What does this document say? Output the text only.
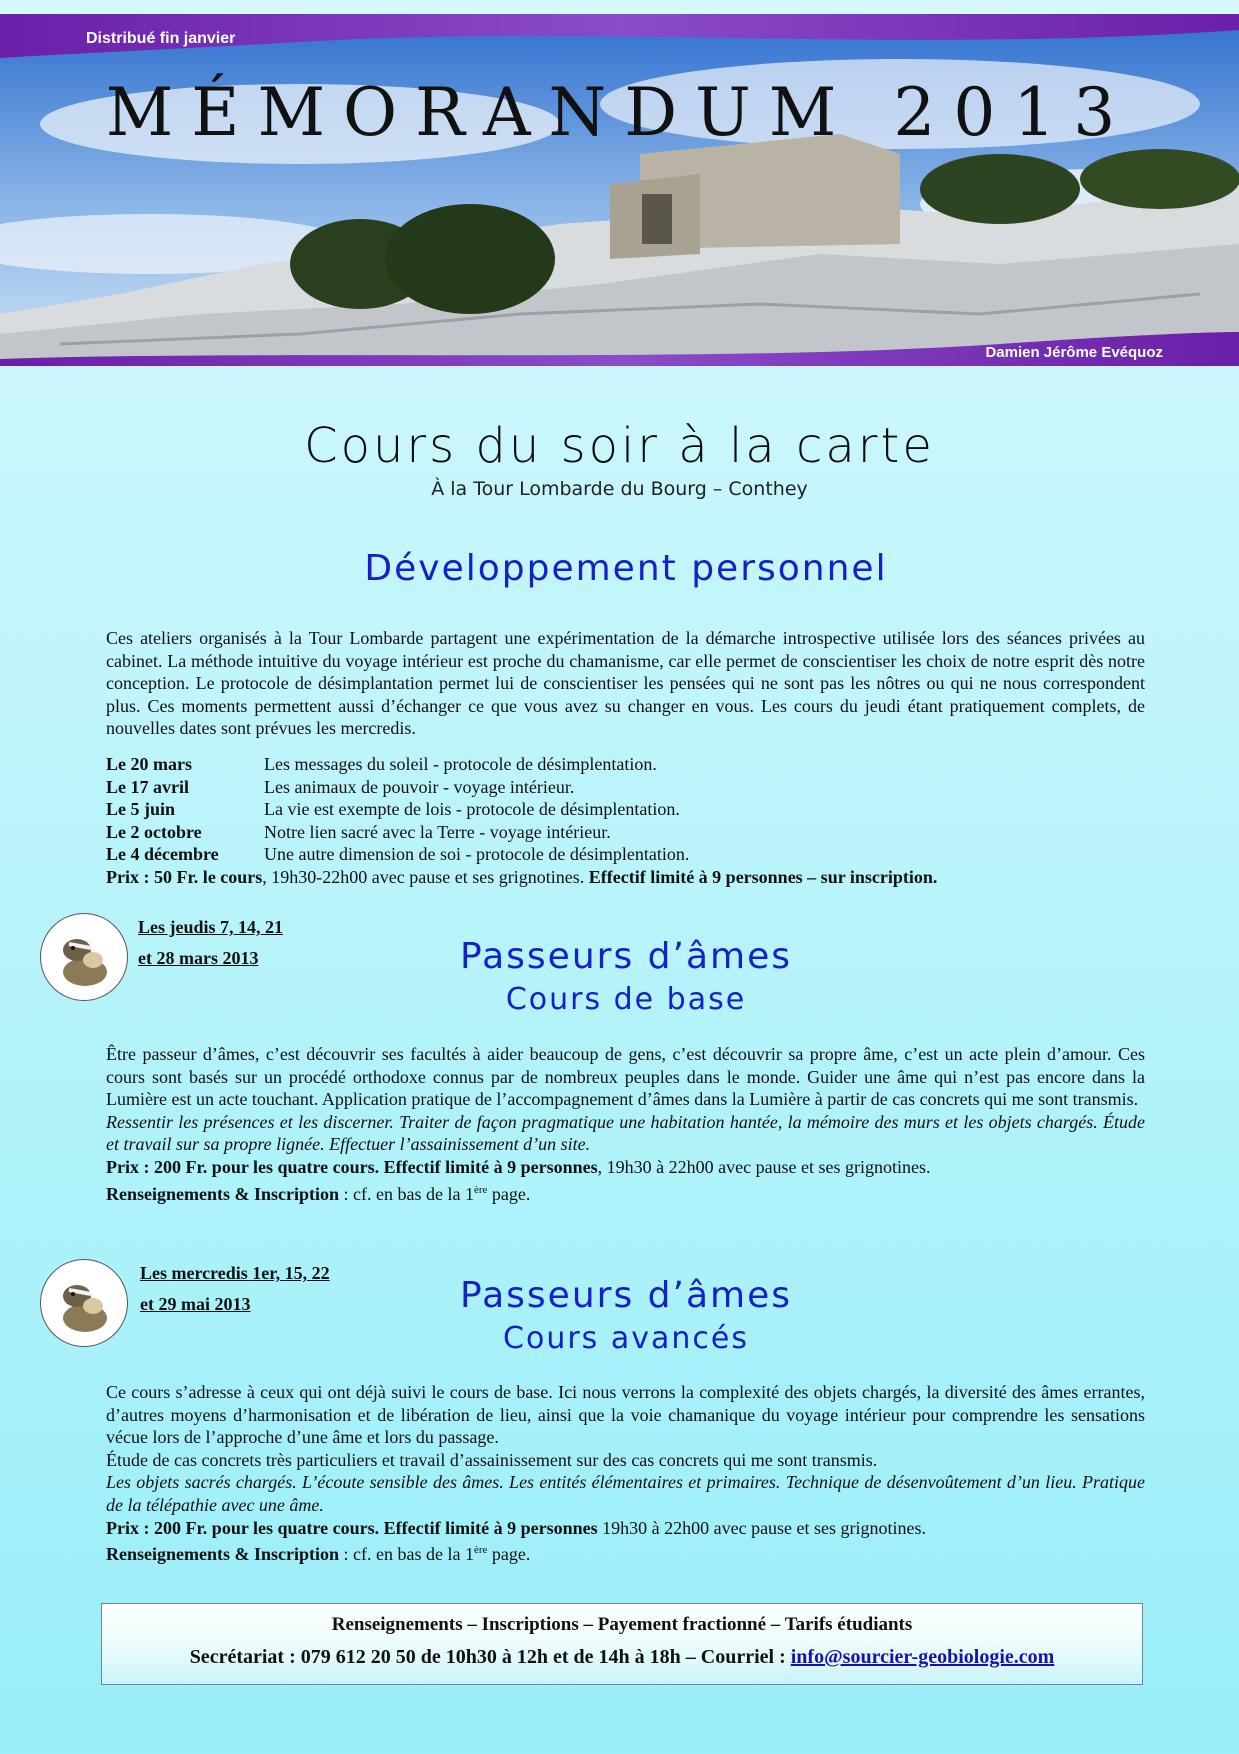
Distribué fin janvier
MÉMORANDUM 2013
Damien Jérôme Evéquoz
Cours du soir à la carte
À la Tour Lombarde du Bourg – Conthey
Développement personnel

Ces ateliers organisés à la Tour Lombarde partagent une expérimentation de la démarche introspective utilisée lors des séances privées au cabinet. La méthode intuitive du voyage intérieur est proche du chamanisme, car elle permet de conscientiser les choix de notre esprit dès notre conception. Le protocole de désimplantation permet lui de conscientiser les pensées qui ne sont pas les nôtres ou qui ne nous correspondent plus. Ces moments permettent aussi d’échanger ce que vous avez su changer en vous. Les cours du jeudi étant pratiquement complets, de nouvelles dates sont prévues les mercredis.

Le 20 mars	Les messages du soleil - protocole de désimplentation.
Le 17 avril	Les animaux de pouvoir - voyage intérieur.
Le 5 juin	La vie est exempte de lois - protocole de désimplentation.
Le 2 octobre	Notre lien sacré avec la Terre - voyage intérieur.
Le 4 décembre	Une autre dimension de soi - protocole de désimplentation.
Prix : 50 Fr. le cours, 19h30-22h00 avec pause et ses grignotines. Effectif limité à 9 personnes – sur inscription.
Les jeudis 7, 14, 21
et 28 mars 2013	Passeurs d’âmes
Cours de base

Être passeur d’âmes, c’est découvrir ses facultés à aider beaucoup de gens, c’est découvrir sa propre âme, c’est un acte plein d’amour. Ces cours sont basés sur un procédé orthodoxe connus par de nombreux peuples dans le monde. Guider une âme qui n’est pas encore dans la Lumière est un acte touchant. Application pratique de l’accompagnement d’âmes dans la Lumière à partir de cas concrets qui me sont transmis.

Ressentir les présences et les discerner. Traiter de façon pragmatique une habitation hantée, la mémoire des murs et les objets chargés. Étude et travail sur sa propre lignée. Effectuer l’assainissement d’un site.

Prix : 200 Fr. pour les quatre cours. Effectif limité à 9 personnes, 19h30 à 22h00 avec pause et ses grignotines.

Renseignements & Inscription : cf. en bas de la 1ère page.

Les mercredis 1er, 15, 22
et 29 mai 2013	Passeurs d’âmes
Cours avancés

Ce cours s’adresse à ceux qui ont déjà suivi le cours de base. Ici nous verrons la complexité des objets chargés, la diversité des âmes errantes, d’autres moyens d’harmonisation et de libération de lieu, ainsi que la voie chamanique du voyage intérieur pour comprendre les sensations vécue lors de l’approche d’une âme et lors du passage.

Étude de cas concrets très particuliers et travail d’assainissement sur des cas concrets qui me sont transmis.

Les objets sacrés chargés. L’écoute sensible des âmes. Les entités élémentaires et primaires. Technique de désenvoûtement d’un lieu. Pratique de la télépathie avec une âme.

Prix : 200 Fr. pour les quatre cours. Effectif limité à 9 personnes 19h30 à 22h00 avec pause et ses grignotines.

Renseignements & Inscription : cf. en bas de la 1ère page.

Renseignements – Inscriptions – Payement fractionné – Tarifs étudiants
Secrétariat : 079 612 20 50 de 10h30 à 12h et de 14h à 18h – Courriel : info@sourcier-geobiologie.com
